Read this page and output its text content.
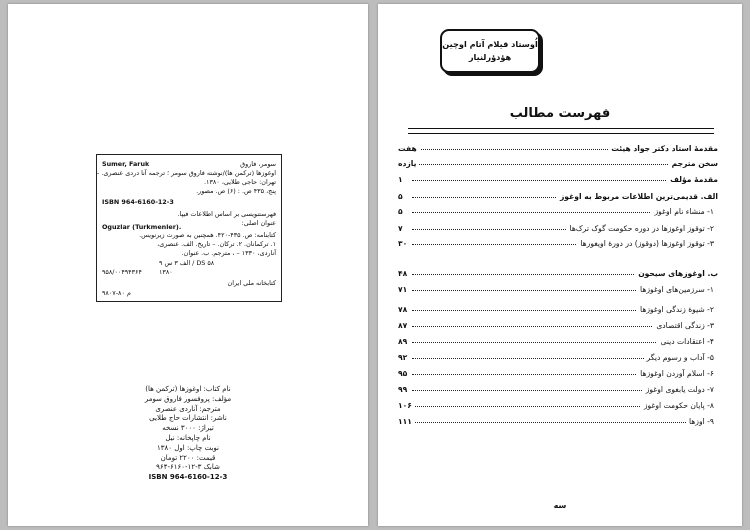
Sumer, Faruk	سومر، فاروق
اوغوزها (ترکمن ها)/نوشته فاروق سومر ؛ ترجمه آنا دردی عنصری. –
تهران: حاجی طلایی، ۱۳۸۰.
پنج، ۴۳۵ ص. : (۶) ص. مصور.
ISBN 964-6160-12-3
فهرستنویسی بر اساس اطلاعات فیپا.
عنوان اصلی:
Oguzlar (Turkmenler).
کتابنامه: ص. ۴۳۵-۴۲۰. همچنین به صورت زیرنویس.
۱. ترکمانان. ۲. ترکان. – تاریخ. الف. عنصری،
آناردی، ۱۳۳۰ – ، مترجم. ب. عنوان.
۹ الف ۳ س / DS ۵۸
۱۳۸۰
۹۵۸/۰۰۴۹۴۳۶۴
کتابخانه ملی ایران
م ۸۰-۹۸۰۷
نام کتاب: اوغوزها (ترکمن ها)
مؤلف: پروفسور فاروق سومر
مترجم: آناردی عنصری
ناشر: انتشارات حاج طلایی
تیراژ: ۳۰۰۰ نسخه
نام چاپخانه: نیل
نوبت چاپ: اول ۱۳۸۰
قیمت: ۲۲۰۰ تومان
شابک ۳-۱۲-۶۱۶۰-۹۶۴
ISBN 964-6160-12-3
اُوستاد قیلام آتام اوچین
هؤدؤرلنیار
فهرست مطالب
مقدمهٔ استاد دکتر جواد هیئت
هفت
سخن مترجم
یازده
مقدمهٔ مؤلف
۱
الف. قدیمی‌ترین اطلاعات مربوط به اوغوز
۵
۱- منشاء نام اوغوز
۵
۲- توقوز اوغوزها در دوره حکومت گوک ترک‌ها
۷
۳- توقوز اوغوزها (دوقوز) در دورهٔ اویغورها
۳۰
ب. اوغوزهای سیحون
۴۸
۱- سرزمین‌های اوغوزها
۷۱
۲- شیوهٔ زندگی اوغوزها
۷۸
۳- زندگی اقتصادی
۸۷
۴- اعتقادات دینی
۸۹
۵- آداب و رسوم دیگر
۹۲
۶- اسلام آوردن اوغوزها
۹۵
۷- دولت یابغوی اوغوز
۹۹
۸- پایان حکومت اوغوز
۱۰۶
۹- اوزها
۱۱۱
سه
